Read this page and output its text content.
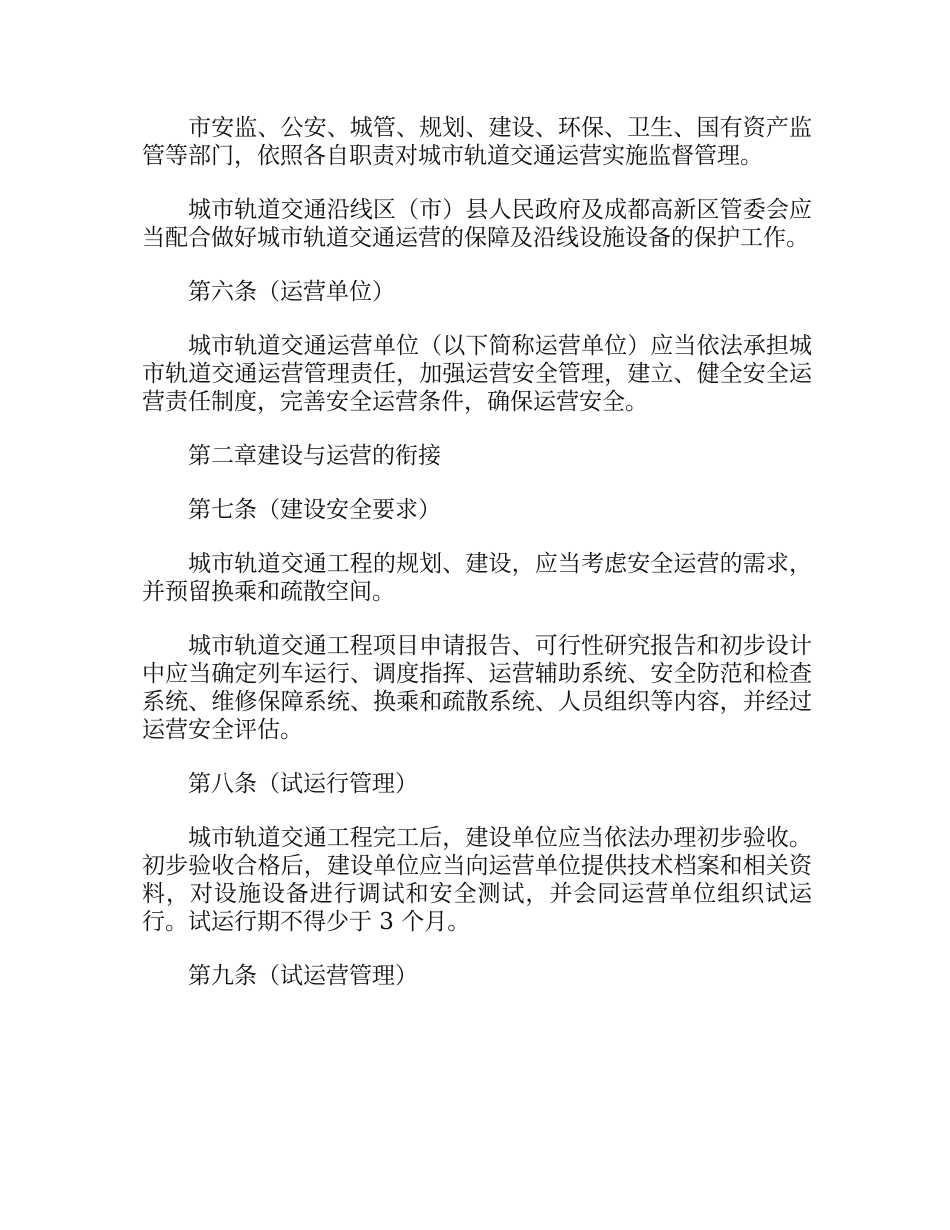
市安监、公安、城管、规划、建设、环保、卫生、国有资产监管等部门，依照各自职责对城市轨道交通运营实施监督管理。

城市轨道交通沿线区（市）县人民政府及成都高新区管委会应当配合做好城市轨道交通运营的保障及沿线设施设备的保护工作。

第六条（运营单位）

城市轨道交通运营单位（以下简称运营单位）应当依法承担城市轨道交通运营管理责任，加强运营安全管理，建立、健全安全运营责任制度，完善安全运营条件，确保运营安全。

第二章建设与运营的衔接

第七条（建设安全要求）

城市轨道交通工程的规划、建设，应当考虑安全运营的需求，并预留换乘和疏散空间。

城市轨道交通工程项目申请报告、可行性研究报告和初步设计中应当确定列车运行、调度指挥、运营辅助系统、安全防范和检查系统、维修保障系统、换乘和疏散系统、人员组织等内容，并经过运营安全评估。

第八条（试运行管理）

城市轨道交通工程完工后，建设单位应当依法办理初步验收。初步验收合格后，建设单位应当向运营单位提供技术档案和相关资料，对设施设备进行调试和安全测试，并会同运营单位组织试运行。试运行期不得少于 3 个月。

第九条（试运营管理）
